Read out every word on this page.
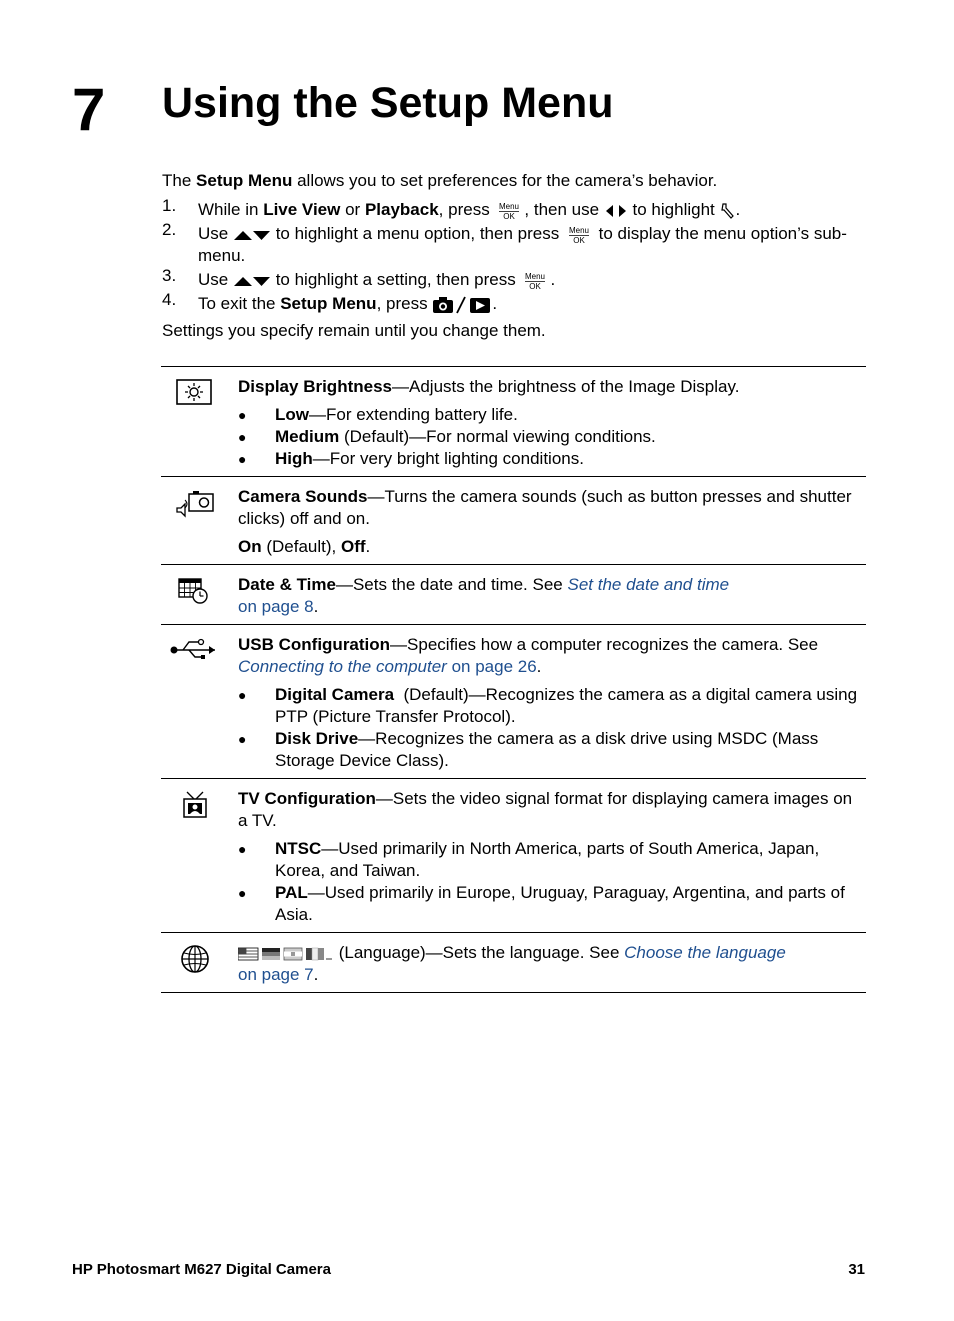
7 Using the Setup Menu

The Setup Menu allows you to set preferences for the camera’s behavior.

1. While in Live View or Playback, press Menu
OK , then use  to highlight .
2. Use  to highlight a menu option, then press Menu
OK to display the menu option’s sub-menu.
3. Use  to highlight a setting, then press Menu
OK .
4. To exit the Setup Menu, press	.

Settings you specify remain until you change them.

Display Brightness—Adjusts the brightness of the Image Display.

● Low—For extending battery life.
● Medium (Default)—For normal viewing conditions.
● High—For very bright lighting conditions.

Camera Sounds—Turns the camera sounds (such as button presses and shutter clicks) off and on.

On (Default), Off.

Date & Time—Sets the date and time. See Set the date and time
on page 8.

USB Configuration—Specifies how a computer recognizes the camera. See Connecting to the computer on page 26.

● Digital Camera  (Default)—Recognizes the camera as a digital camera using PTP (Picture Transfer Protocol).
● Disk Drive—Recognizes the camera as a disk drive using MSDC (Mass Storage Device Class).

TV Configuration—Sets the video signal format for displaying camera images on a TV.

● NTSC—Used primarily in North America, parts of South America, Japan, Korea, and Taiwan.
● PAL—Used primarily in Europe, Uruguay, Paraguay, Argentina, and parts of Asia.

(Language)—Sets the language. See Choose the language
on page 7.

HP Photosmart M627 Digital Camera	31
